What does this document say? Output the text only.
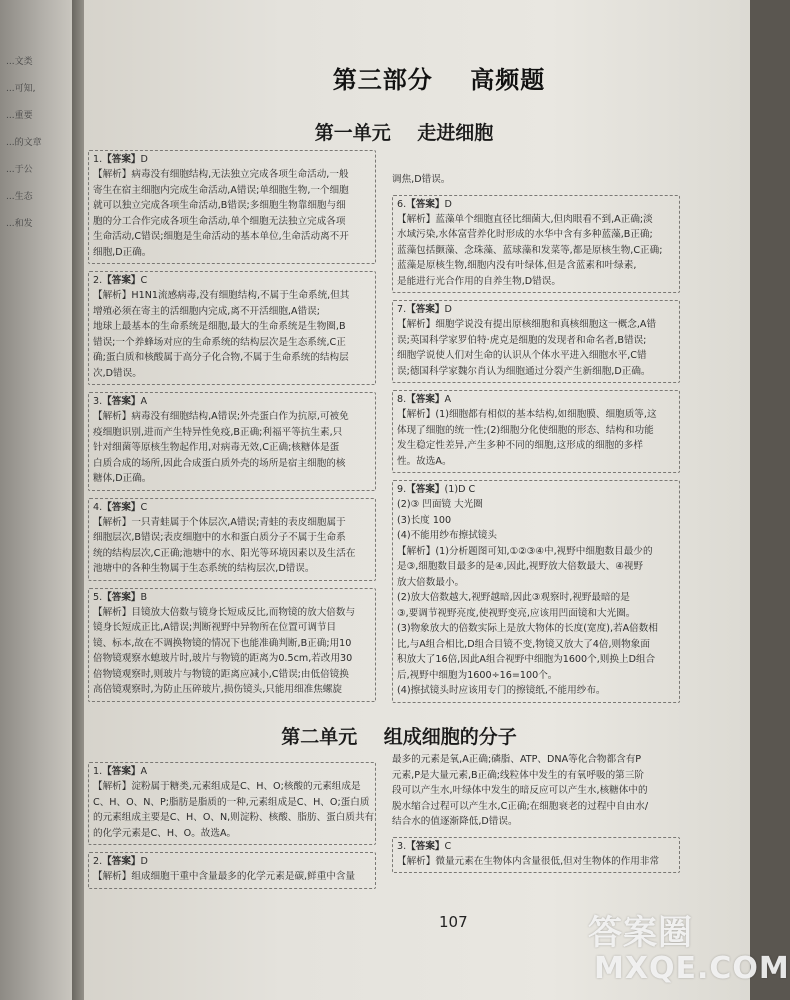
...文类
...可知,
...重要
...的文章
...于公
...生态
...和发
第三部分    高频题
第一单元    走进细胞
1.【答案】D
【解析】病毒没有细胞结构,无法独立完成各项生命活动,一般
寄生在宿主细胞内完成生命活动,A错误;单细胞生物,一个细胞
就可以独立完成各项生命活动,B错误;多细胞生物靠细胞与细
胞的分工合作完成各项生命活动,单个细胞无法独立完成各项
生命活动,C错误;细胞是生命活动的基本单位,生命活动离不开
细胞,D正确。
2.【答案】C
【解析】H1N1流感病毒,没有细胞结构,不属于生命系统,但其
增殖必须在寄主的活细胞内完成,离不开活细胞,A错误;
地球上最基本的生命系统是细胞,最大的生命系统是生物圈,B
错误;一个养蜂场对应的生命系统的结构层次是生态系统,C正
确;蛋白质和核酸属于高分子化合物,不属于生命系统的结构层
次,D错误。
3.【答案】A
【解析】病毒没有细胞结构,A错误;外壳蛋白作为抗原,可被免
疫细胞识别,进而产生特异性免疫,B正确;利福平等抗生素,只
针对细菌等原核生物起作用,对病毒无效,C正确;核糖体是蛋
白质合成的场所,因此合成蛋白质外壳的场所是宿主细胞的核
糖体,D正确。
4.【答案】C
【解析】一只青蛙属于个体层次,A错误;青蛙的表皮细胞属于
细胞层次,B错误;表皮细胞中的水和蛋白质分子不属于生命系
统的结构层次,C正确;池塘中的水、阳光等环境因素以及生活在
池塘中的各种生物属于生态系统的结构层次,D错误。
5.【答案】B
【解析】目镜放大倍数与镜身长短成反比,而物镜的放大倍数与
镜身长短成正比,A错误;判断视野中异物所在位置可调节目
镜、标本,故在不调换物镜的情况下也能准确判断,B正确;用10
倍物镜观察水螅玻片时,玻片与物镜的距离为0.5cm,若改用30
倍物镜观察时,则玻片与物镜的距离应减小,C错误;由低倍镜换
高倍镜观察时,为防止压碎玻片,损伤镜头,只能用细准焦螺旋
调焦,D错误。
6.【答案】D
【解析】蓝藻单个细胞直径比细菌大,但肉眼看不到,A正确;淡
水域污染,水体富营养化时形成的水华中含有多种蓝藻,B正确;
蓝藻包括颤藻、念珠藻、蓝球藻和发菜等,都是原核生物,C正确;
蓝藻是原核生物,细胞内没有叶绿体,但是含蓝素和叶绿素,
是能进行光合作用的自养生物,D错误。
7.【答案】D
【解析】细胞学说没有提出原核细胞和真核细胞这一概念,A错
误;英国科学家罗伯特·虎克是细胞的发现者和命名者,B错误;
细胞学说使人们对生命的认识从个体水平进入细胞水平,C错
误;德国科学家魏尔肖认为细胞通过分裂产生新细胞,D正确。
8.【答案】A
【解析】(1)细胞都有相似的基本结构,如细胞膜、细胞质等,这
体现了细胞的统一性;(2)细胞分化使细胞的形态、结构和功能
发生稳定性差异,产生多种不同的细胞,这形成的细胞的多样
性。故选A。
9.【答案】(1)D C
(2)③ 凹面镜 大光圈
(3)长度 100
(4)不能用纱布擦拭镜头
【解析】(1)分析题图可知,①②③④中,视野中细胞数目最少的
是③,细胞数目最多的是④,因此,视野放大倍数最大、④视野
放大倍数最小。
(2)放大倍数越大,视野越暗,因此③观察时,视野最暗的是
③,要调节视野亮度,使视野变亮,应该用凹面镜和大光圈。
(3)物象放大的倍数实际上是放大物体的长度(宽度),若A倍数相
比,与A组合相比,D组合目镜不变,物镜又放大了4倍,则物象面
积放大了16倍,因此A组合视野中细胞为1600个,则换上D组合
后,视野中细胞为1600÷16=100个。
(4)擦拭镜头时应该用专门的擦镜纸,不能用纱布。
第二单元    组成细胞的分子
1.【答案】A
【解析】淀粉属于糖类,元素组成是C、H、O;核酸的元素组成是
C、H、O、N、P;脂肪是脂质的一种,元素组成是C、H、O;蛋白质
的元素组成主要是C、H、O、N,则淀粉、核酸、脂肪、蛋白质共有
的化学元素是C、H、O。故选A。
2.【答案】D
【解析】组成细胞干重中含量最多的化学元素是碳,鲜重中含量
最多的元素是氧,A正确;磷脂、ATP、DNA等化合物都含有P
元素,P是大量元素,B正确;线粒体中发生的有氧呼吸的第三阶
段可以产生水,叶绿体中发生的暗反应可以产生水,核糖体中的
脱水缩合过程可以产生水,C正确;在细胞衰老的过程中自由水/
结合水的值逐渐降低,D错误。
3.【答案】C
【解析】微量元素在生物体内含量很低,但对生物体的作用非常
107	答案圈
MXQE.COM
